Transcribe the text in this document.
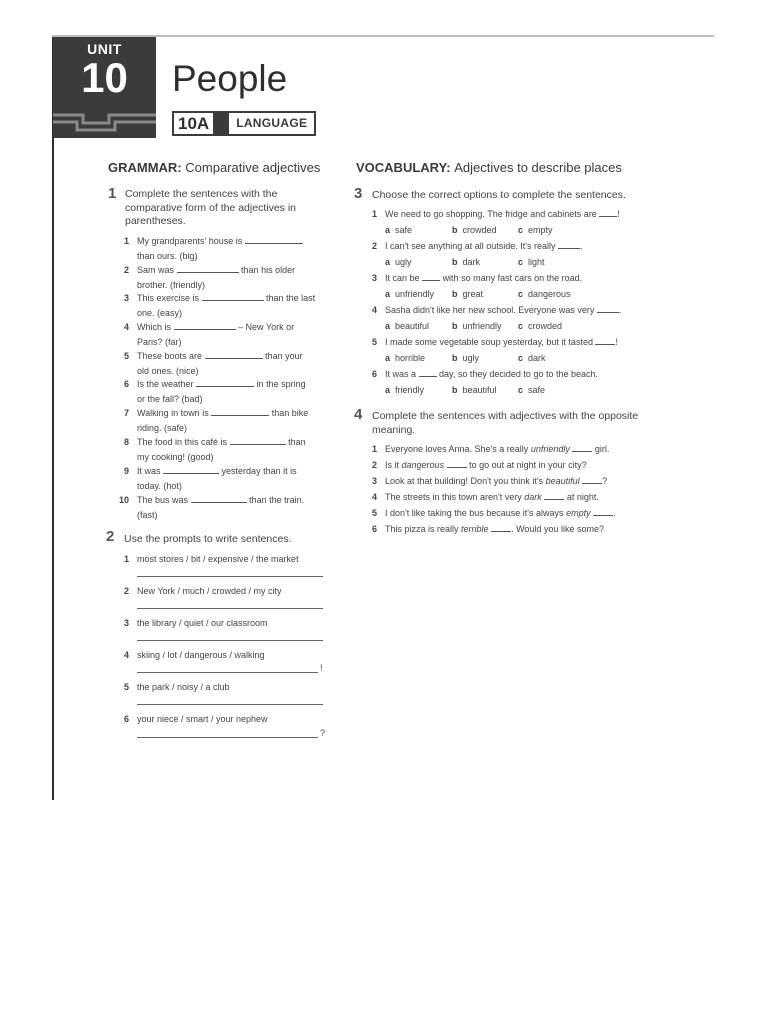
UNIT
10	People
10A	LANGUAGE
GRAMMAR: Comparative adjectives
1 Complete the sentences with the
comparative form of the adjectives in
parentheses.
1 My grandparents' house is
than ours. (big)
2 Sam was	than his older
brother. (friendly)
3 This exercise is	than the last
one. (easy)
4 Which is	– New York or
Paris? (far)
5 These boots are	than your
old ones. (nice)
6 Is the weather	in the spring
or the fall? (bad)
7 Walking in town is	than bike
riding. (safe)
8 The food in this café is	than
my cooking! (good)
9 It was	yesterday than it is
today. (hot)
10 The bus was	than the train.
(fast)
2 Use the prompts to write sentences.
1 most stores / bit / expensive / the market
2 New York / much / crowded / my city
3 the library / quiet / our classroom
4 skiing / lot / dangerous / walking
!
5 the park / noisy / a club
6 your niece / smart / your nephew
?
VOCABULARY: Adjectives to describe places
3 Choose the correct options to complete the sentences.
1 We need to go shopping. The fridge and cabinets are !
a safe	b crowded c empty
2 I can't see anything at all outside. It's really	.
a ugly	b dark	c light
3 It can be	with so many fast cars on the road.
a unfriendly b great	c dangerous
4 Sasha didn't like her new school. Everyone was very	.
a beautiful	b unfriendly c crowded
5 I made some vegetable soup yesterday, but it tasted	!
a horrible	b ugly	c dark
6 It was a	day, so they decided to go to the beach.
a friendly	b beautiful c safe
4 Complete the sentences with adjectives with the opposite
meaning.
1 Everyone loves Anna. She's a really unfriendly	girl.
2 Is it dangerous	to go out at night in your city?
3 Look at that building! Don't you think it's beautiful	?
4 The streets in this town aren't very dark	at night.
5 I don't like taking the bus because it's always empty	.
6 This pizza is really terrible	. Would you like some?
